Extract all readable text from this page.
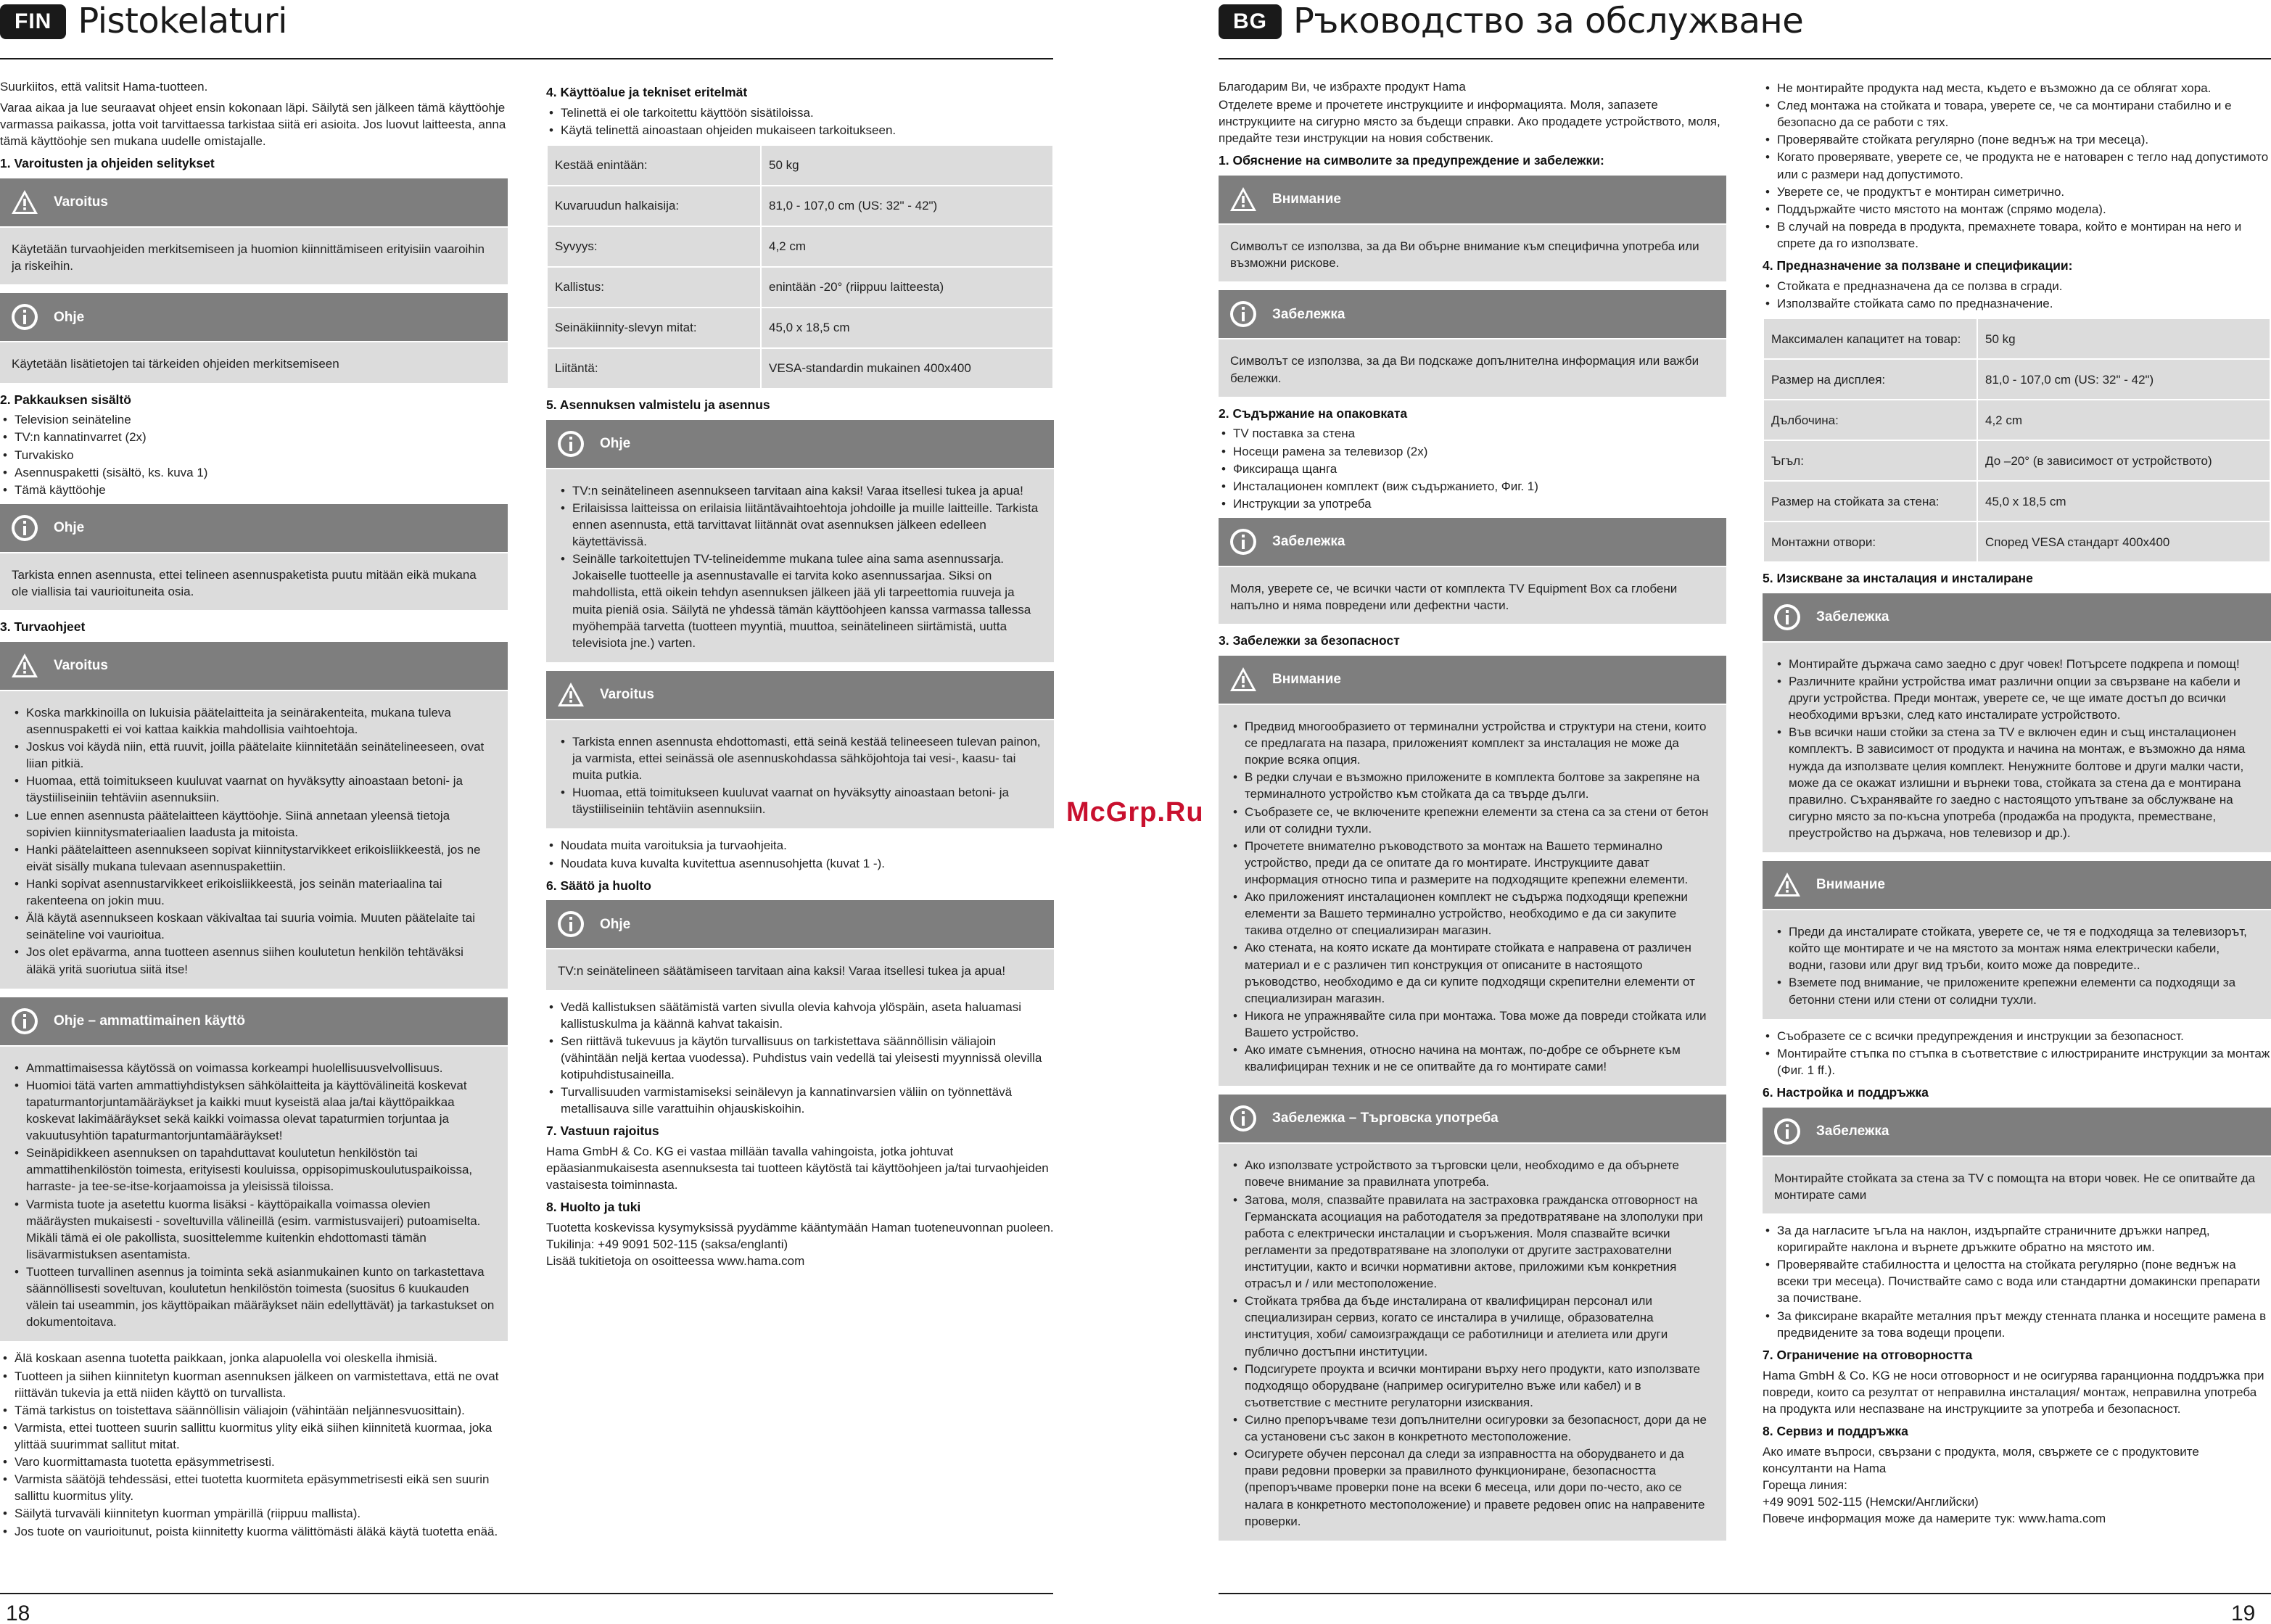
FIN Pistokelaturi

Suurkiitos, että valitsit Hama-tuotteen.

Varaa aikaa ja lue seuraavat ohjeet ensin kokonaan läpi. Säilytä sen jälkeen tämä käyttöohje varmassa paikassa, jotta voit tarvittaessa tarkistaa siitä eri asioita. Jos luovut laitteesta, anna tämä käyttöohje sen mukana uudelle omistajalle.

1. Varoitusten ja ohjeiden selitykset
Varoitus

Käytetään turvaohjeiden merkitsemiseen ja huomion kiinnittämiseen erityisiin vaaroihin ja riskeihin.

Ohje

Käytetään lisätietojen tai tärkeiden ohjeiden merkitsemiseen

2. Pakkauksen sisältö
• Television seinäteline
• TV:n kannatinvarret (2x)
• Turvakisko
• Asennuspaketti (sisältö, ks. kuva 1)
• Tämä käyttöohje
Ohje

Tarkista ennen asennusta, ettei telineen asennuspaketista puutu mitään eikä mukana ole viallisia tai vaurioituneita osia.

3. Turvaohjeet
Varoitus
• Koska markkinoilla on lukuisia päätelaitteita ja seinärakenteita, mukana tuleva asennuspaketti ei voi kattaa kaikkia mahdollisia vaihtoehtoja.
• Joskus voi käydä niin, että ruuvit, joilla päätelaite kiinnitetään seinätelineeseen, ovat liian pitkiä.
• Huomaa, että toimitukseen kuuluvat vaarnat on hyväksytty ainoastaan betoni- ja täystiiliseiniin tehtäviin asennuksiin.
• Lue ennen asennusta päätelaitteen käyttöohje. Siinä annetaan yleensä tietoja sopivien kiinnitysmateriaalien laadusta ja mitoista.
• Hanki päätelaitteen asennukseen sopivat kiinnitystarvikkeet erikoisliikkeestä, jos ne eivät sisälly mukana tulevaan asennuspakettiin.
• Hanki sopivat asennustarvikkeet erikoisliikkeestä, jos seinän materiaalina tai rakenteena on jokin muu.
• Älä käytä asennukseen koskaan väkivaltaa tai suuria voimia. Muuten päätelaite tai seinäteline voi vaurioitua.
• Jos olet epävarma, anna tuotteen asennus siihen koulutetun henkilön tehtäväksi äläkä yritä suoriutua siitä itse!
Ohje – ammattimainen käyttö
• Ammattimaisessa käytössä on voimassa korkeampi huolellisuusvelvollisuus.
• Huomioi tätä varten ammattiyhdistyksen sähkölaitteita ja käyttövälineitä koskevat tapaturmantorjuntamääräykset ja kaikki muut kyseistä alaa ja/tai käyttöpaikkaa koskevat lakimääräykset sekä kaikki voimassa olevat tapaturmien torjuntaa ja vakuutusyhtiön tapaturmantorjuntamääräykset!
• Seinäpidikkeen asennuksen on tapahduttavat koulutetun henkilöstön tai ammattihenkilöstön toimesta, erityisesti kouluissa, oppisopimuskoulutuspaikoissa, harraste- ja tee-se-itse-korjaamoissa ja yleisissä tiloissa.
• Varmista tuote ja asetettu kuorma lisäksi - käyttöpaikalla voimassa olevien määräysten mukaisesti - soveltuvilla välineillä (esim. varmistusvaijeri) putoamiselta. Mikäli tämä ei ole pakollista, suosittelemme kuitenkin ehdottomasti tämän lisävarmistuksen asentamista.
• Tuotteen turvallinen asennus ja toiminta sekä asianmukainen kunto on tarkastettava säännöllisesti soveltuvan, koulutetun henkilöstön toimesta (suositus 6 kuukauden välein tai useammin, jos käyttöpaikan määräykset näin edellyttävät) ja tarkastukset on dokumentoitava.
• Älä koskaan asenna tuotetta paikkaan, jonka alapuolella voi oleskella ihmisiä.
• Tuotteen ja siihen kiinnitetyn kuorman asennuksen jälkeen on varmistettava, että ne ovat riittävän tukevia ja että niiden käyttö on turvallista.
• Tämä tarkistus on toistettava säännöllisin väliajoin (vähintään neljännesvuosittain).
• Varmista, ettei tuotteen suurin sallittu kuormitus ylity eikä siihen kiinnitetä kuormaa, joka ylittää suurimmat sallitut mitat.
• Varo kuormittamasta tuotetta epäsymmetrisesti.
• Varmista säätöjä tehdessäsi, ettei tuotetta kuormiteta epäsymmetrisesti eikä sen suurin sallittu kuormitus ylity.
• Säilytä turvaväli kiinnitetyn kuorman ympärillä (riippuu mallista).
• Jos tuote on vaurioitunut, poista kiinnitetty kuorma välittömästi äläkä käytä tuotetta enää.
4. Käyttöalue ja tekniset eritelmät
• Telinettä ei ole tarkoitettu käyttöön sisätiloissa.
• Käytä telinettä ainoastaan ohjeiden mukaiseen tarkoitukseen.
Kestää enintään:	50 kg
Kuvaruudun halkaisija:	81,0 - 107,0 cm (US: 32" - 42")
Syvyys:	4,2 cm
Kallistus:	enintään -20° (riippuu laitteesta)
Seinäkiinnity-slevyn mitat:	45,0 x 18,5 cm
Liitäntä:	VESA-standardin mukainen 400x400
5. Asennuksen valmistelu ja asennus
Ohje
• TV:n seinätelineen asennukseen tarvitaan aina kaksi! Varaa itsellesi tukea ja apua!
• Erilaisissa laitteissa on erilaisia liitäntävaihtoehtoja johdoille ja muille laitteille. Tarkista ennen asennusta, että tarvittavat liitännät ovat asennuksen jälkeen edelleen käytettävissä.
• Seinälle tarkoitettujen TV-telineidemme mukana tulee aina sama asennussarja. Jokaiselle tuotteelle ja asennustavalle ei tarvita koko asennussarjaa. Siksi on mahdollista, että oikein tehdyn asennuksen jälkeen jää yli tarpeettomia ruuveja ja muita pieniä osia. Säilytä ne yhdessä tämän käyttöohjeen kanssa varmassa tallessa myöhempää tarvetta (tuotteen myyntiä, muuttoa, seinätelineen siirtämistä, uutta televisiota jne.) varten.
Varoitus
• Tarkista ennen asennusta ehdottomasti, että seinä kestää telineeseen tulevan painon, ja varmista, ettei seinässä ole asennuskohdassa sähköjohtoja tai vesi-, kaasu- tai muita putkia.
• Huomaa, että toimitukseen kuuluvat vaarnat on hyväksytty ainoastaan betoni- ja täystiiliseiniin tehtäviin asennuksiin.
• Noudata muita varoituksia ja turvaohjeita.
• Noudata kuva kuvalta kuvitettua asennusohjetta (kuvat 1 -).
6. Säätö ja huolto
Ohje

TV:n seinätelineen säätämiseen tarvitaan aina kaksi! Varaa itsellesi tukea ja apua!

• Vedä kallistuksen säätämistä varten sivulla olevia kahvoja ylöspäin, aseta haluamasi kallistuskulma ja käännä kahvat takaisin.
• Sen riittävä tukevuus ja käytön turvallisuus on tarkistettava säännöllisin väliajoin (vähintään neljä kertaa vuodessa). Puhdistus vain vedellä tai yleisesti myynnissä olevilla kotipuhdistusaineilla.
• Turvallisuuden varmistamiseksi seinälevyn ja kannatinvarsien väliin on työnnettävä metallisauva sille varattuihin ohjauskiskoihin.
7. Vastuun rajoitus

Hama GmbH & Co. KG ei vastaa millään tavalla vahingoista, jotka johtuvat epäasianmukaisesta asennuksesta tai tuotteen käytöstä tai käyttöohjeen ja/tai turvaohjeiden vastaisesta toiminnasta.

8. Huolto ja tuki

Tuotetta koskevissa kysymyksissä pyydämme kääntymään Haman tuoteneuvonnan puoleen.

Tukilinja: +49 9091 502-115 (saksa/englanti)

Lisää tukitietoja on osoitteessa www.hama.com

18
McGrp.Ru
BG Ръководство за обслужване

Благодарим Ви, че избрахте продукт Hama

Отделете време и прочетете инструкциите и информацията. Моля, запазете инструкциите на сигурно място за бъдещи справки. Ако продадете устройството, моля, предайте тези инструкции на новия собственик.

1. Обяснение на символите за предупреждение и забележки:
Внимание

Символът се използва, за да Ви обърне внимание към специфична употреба или възможни рискове.

Забележка

Символът се използва, за да Ви подскаже допълнителна информация или важби бележки.

2. Съдържание на опаковката
• TV поставка за стена
• Носещи рамена за телевизор (2x)
• Фиксираща щанга
• Инсталационен комплект (виж съдържанието, Фиг. 1)
• Инструкции за употреба
Забележка

Моля, уверете се, че всички части от комплекта TV Equipment Box са глобени напълно и няма повредени или дефектни части.

3. Забележки за безопасност
Внимание
• Предвид многообразието от терминални устройства и структури на стени, които се предлагата на пазара, приложеният комплект за инсталация не може да покрие всяка опция.
• В редки случаи е възможно приложените в комплекта болтове за закрепяне на терминалното устройство към стойката да са твърде дълги.
• Съобразете се, че включените крепежни елементи за стена са за стени от бетон или от солидни тухли.
• Прочетете внимателно ръководството за монтаж на Вашето терминално устройство, преди да се опитате да го монтирате. Инструкциите дават информация относно типа и размерите на подходящите крепежни елементи.
• Ако приложеният инсталационен комплект не съдържа подходящи крепежни елементи за Вашето терминално устройство, необходимо е да си закупите такива отделно от специализиран магазин.
• Ако стената, на която искате да монтирате стойката е направена от различен материал и е с различен тип конструкция от описаните в настоящото ръководство, необходимо е да си купите подходящи скрепителни елементи от специализиран магазин.
• Никога не упражнявайте сила при монтажа. Това може да повреди стойката или Вашето устройство.
• Ако имате съмнения, относно начина на монтаж, по-добре се обърнете към квалифициран техник и не се опитвайте да го монтирате сами!
Забележка – Търговска употреба
• Ако използвате устройството за търговски цели, необходимо е да обърнете повече внимание за правилната употреба.
• Затова, моля, спазвайте правилата на застраховка гражданска отговорност на Германската асоциация на работодателя за предотвратяване на злополуки при работа с електрически инсталации и съоръжения. Моля спазвайте всички регламенти за предотвратяване на злополуки от другите застрахователни институции, както и всички нормативни актове, приложими към конкретния отрасъл и / или местоположение.
• Стойката трябва да бъде инсталирана от квалифициран персонал или специализиран сервиз, когато се инсталира в училище, образователна институция, хоби/ самоизграждащи се работилници и ателиета или други публично достъпни институции.
• Подсигурете проукта и всички монтирани върху него продукти, като използвате подходящо оборудване (например осигурително въже или кабел) и в съответствие с местните регулаторни изисквания.
• Силно препоръчваме тези допълнителни осигуровки за безопасност, дори да не са установени със закон в конкретното местоположение.
• Осигурете обучен персонал да следи за изправността на оборудването и да прави редовни проверки за правилното функциониране, безопасността (препоръчваме проверки поне на всеки 6 месеца, или дори по-често, ако се налага в конкретното местоположение) и правете редовен опис на направените проверки.
• Не монтирайте продукта над места, където е възможно да се облягат хора.
• След монтажа на стойката и товара, уверете се, че са монтирани стабилно и е безопасно да се работи с тях.
• Проверявайте стойката регулярно (поне веднъж на три месеца).
• Когато проверявате, уверете се, че продукта не е натоварен с тегло над допустимото или с размери над допустимото.
• Уверете се, че продуктът е монтиран симетрично.
• Поддържайте чисто мястото на монтаж (спрямо модела).
• В случай на повреда в продукта, премахнете товара, който е монтиран на него и спрете да го използвате.
4. Предназначение за ползване и спецификации:
• Стойката е предназначена да се ползва в сгради.
• Използвайте стойката само по предназначение.
Максимален капацитет на товар:	50 kg
Размер на дисплея:	81,0 - 107,0 cm (US: 32" - 42")
Дълбочина:	4,2 cm
Ъгъл:	До –20° (в зависимост от устройството)
Размер на стойката за стена:	45,0 x 18,5 cm
Монтажни отвори:	Според VESA стандарт 400x400
5. Изискване за инсталация и инсталиране
Забележка
• Монтирайте държача само заедно с друг човек! Потърсете подкрепа и помощ!
• Различните крайни устройства имат различни опции за свързване на кабели и други устройства. Преди монтаж, уверете се, че ще имате достъп до всички необходими връзки, след като инсталирате устройството.
• Във всички наши стойки за стена за TV е включен един и същ инсталационен комплектъ. В зависимост от продукта и начина на монтаж, е възможно да няма нужда да използвате целия комплект. Ненужните болтове и други малки части, може да се окажат излишни и върнеки това, стойката за стена да е монтирана правилно. Съхранявайте го заедно с настоящото упътване за обслужване на сигурно място за по-късна употреба (продажба на продукта, преместване, преустройство на държача, нов телевизор и др.).
Внимание
• Преди да инсталирате стойката, уверете се, че тя е подходяща за телевизорът, който ще монтирате и че на мястото за монтаж няма електрически кабели, водни, газови или друг вид тръби, които може да повредите..
• Вземете под внимание, че приложените крепежни елементи са подходящи за бетонни стени или стени от солидни тухли.
• Съобразете се с всички предупреждения и инструкции за безопасност.
• Монтирайте стъпка по стъпка в съответствие с илюстрираните инструкции за монтаж (Фиг. 1 ff.).
6. Настройка и поддръжка
Забележка

Монтирайте стойката за стена за TV с помощта на втори човек. Не се опитвайте да монтирате сами

• За да нагласите ъгъла на наклон, издърпайте страничните дръжки напред, коригирайте наклона и върнете дръжките обратно на мястото им.
• Проверявайте стабилността и целостта на стойката регулярно (поне веднъж на всеки три месеца). Почиствайте само с вода или стандартни домакински препарати за почистване.
• За фиксиране вкарайте металния прът между стенната планка и носещите рамена в предвидените за това водещи процепи.
7. Ограничение на отговорността

Hama GmbH & Co. KG не носи отговорност и не осигурява гаранционна поддръжка при повреди, които са резултат от неправилна инсталация/ монтаж, неправилна употреба на продукта или неспазване на инструкциите за употреба и безопасност.

8. Сервиз и поддръжка

Ако имате въпроси, свързани с продукта, моля, свържете се с продуктовите консултанти на Hama

Гореща линия:

+49 9091 502-115 (Немски/Английски)

Повече информация може да намерите тук: www.hama.com

19
